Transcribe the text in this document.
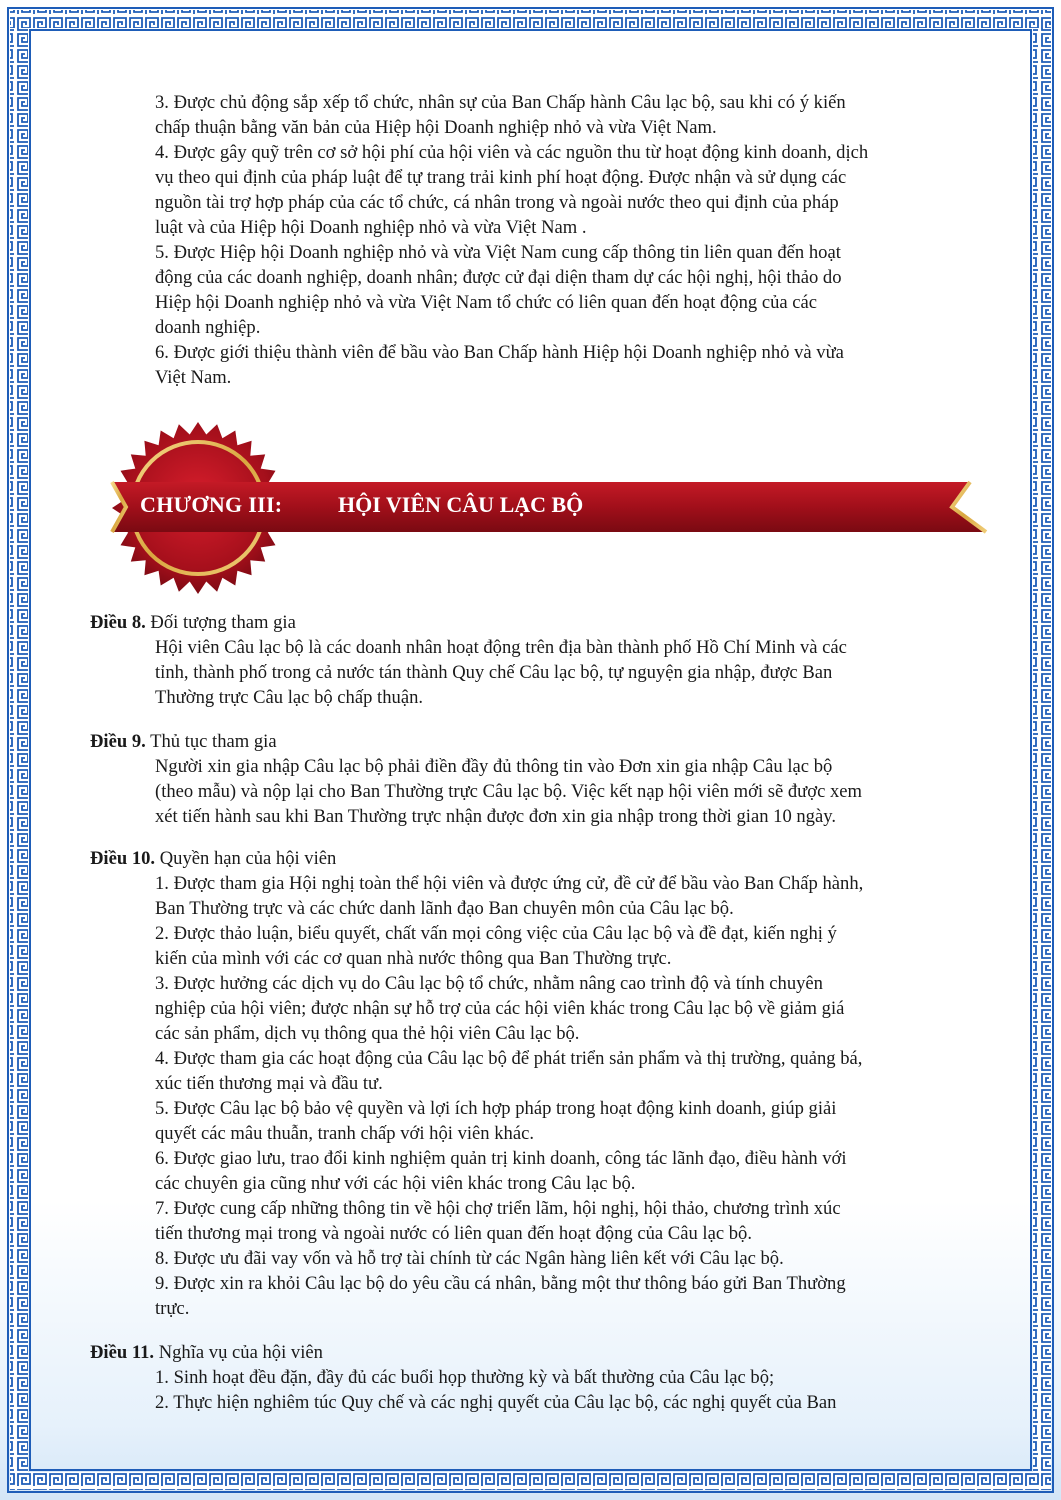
3. Được chủ động sắp xếp tổ chức, nhân sự của Ban Chấp hành Câu lạc bộ, sau khi có ý kiến
chấp thuận bằng văn bản của Hiệp hội Doanh nghiệp nhỏ và vừa Việt Nam.
4. Được gây quỹ trên cơ sở hội phí của hội viên và các nguồn thu từ hoạt động kinh doanh, dịch
vụ theo qui định của pháp luật để tự trang trải kinh phí hoạt động. Được nhận và sử dụng các
nguồn tài trợ hợp pháp của các tổ chức, cá nhân trong và ngoài nước theo qui định của pháp
luật và của Hiệp hội Doanh nghiệp nhỏ và vừa Việt Nam .
5. Được Hiệp hội Doanh nghiệp nhỏ và vừa Việt Nam cung cấp thông tin liên quan đến hoạt
động của các doanh nghiệp, doanh nhân; được cử đại diện tham dự các hội nghị, hội thảo do
Hiệp hội Doanh nghiệp nhỏ và vừa Việt Nam tổ chức có liên quan đến hoạt động của các
doanh nghiệp.
6. Được giới thiệu thành viên để bầu vào Ban Chấp hành Hiệp hội Doanh nghiệp nhỏ và vừa
Việt Nam.
CHƯƠNG III:	HỘI VIÊN CÂU LẠC BỘ
Điều 8. Đối tượng tham gia
Hội viên Câu lạc bộ là các doanh nhân hoạt động trên địa bàn thành phố Hồ Chí Minh và các
tỉnh, thành phố trong cả nước tán thành Quy chế Câu lạc bộ, tự nguyện gia nhập, được Ban
Thường trực Câu lạc bộ chấp thuận.
Điều 9. Thủ tục tham gia
Người xin gia nhập Câu lạc bộ phải điền đầy đủ thông tin vào Đơn xin gia nhập Câu lạc bộ
(theo mẫu) và nộp lại cho Ban Thường trực Câu lạc bộ. Việc kết nạp hội viên mới sẽ được xem
xét tiến hành sau khi Ban Thường trực nhận được đơn xin gia nhập trong thời gian 10 ngày.
Điều 10. Quyền hạn của hội viên
1. Được tham gia Hội nghị toàn thể hội viên và được ứng cử, đề cử để bầu vào Ban Chấp hành,
Ban Thường trực và các chức danh lãnh đạo Ban chuyên môn của Câu lạc bộ.
2. Được thảo luận, biểu quyết, chất vấn mọi công việc của Câu lạc bộ và đề đạt, kiến nghị ý
kiến của mình với các cơ quan nhà nước thông qua Ban Thường trực.
3. Được hưởng các dịch vụ do Câu lạc bộ tổ chức, nhằm nâng cao trình độ và tính chuyên
nghiệp của hội viên; được nhận sự hỗ trợ của các hội viên khác trong Câu lạc bộ về giảm giá
các sản phẩm, dịch vụ thông qua thẻ hội viên Câu lạc bộ.
4. Được tham gia các hoạt động của Câu lạc bộ để phát triển sản phẩm và thị trường, quảng bá,
xúc tiến thương mại và đầu tư.
5. Được Câu lạc bộ bảo vệ quyền và lợi ích hợp pháp trong hoạt động kinh doanh, giúp giải
quyết các mâu thuẫn, tranh chấp với hội viên khác.
6. Được giao lưu, trao đổi kinh nghiệm quản trị kinh doanh, công tác lãnh đạo, điều hành với
các chuyên gia cũng như với các hội viên khác trong Câu lạc bộ.
7. Được cung cấp những thông tin về hội chợ triển lãm, hội nghị, hội thảo, chương trình xúc
tiến thương mại trong và ngoài nước có liên quan đến hoạt động của Câu lạc bộ.
8. Được ưu đãi vay vốn và hỗ trợ tài chính từ các Ngân hàng liên kết với Câu lạc bộ.
9. Được xin ra khỏi Câu lạc bộ do yêu cầu cá nhân, bằng một thư thông báo gửi Ban Thường
trực.
Điều 11. Nghĩa vụ của hội viên
1. Sinh hoạt đều đặn, đầy đủ các buổi họp thường kỳ và bất thường của Câu lạc bộ;
2. Thực hiện nghiêm túc Quy chế và các nghị quyết của Câu lạc bộ, các nghị quyết của Ban
